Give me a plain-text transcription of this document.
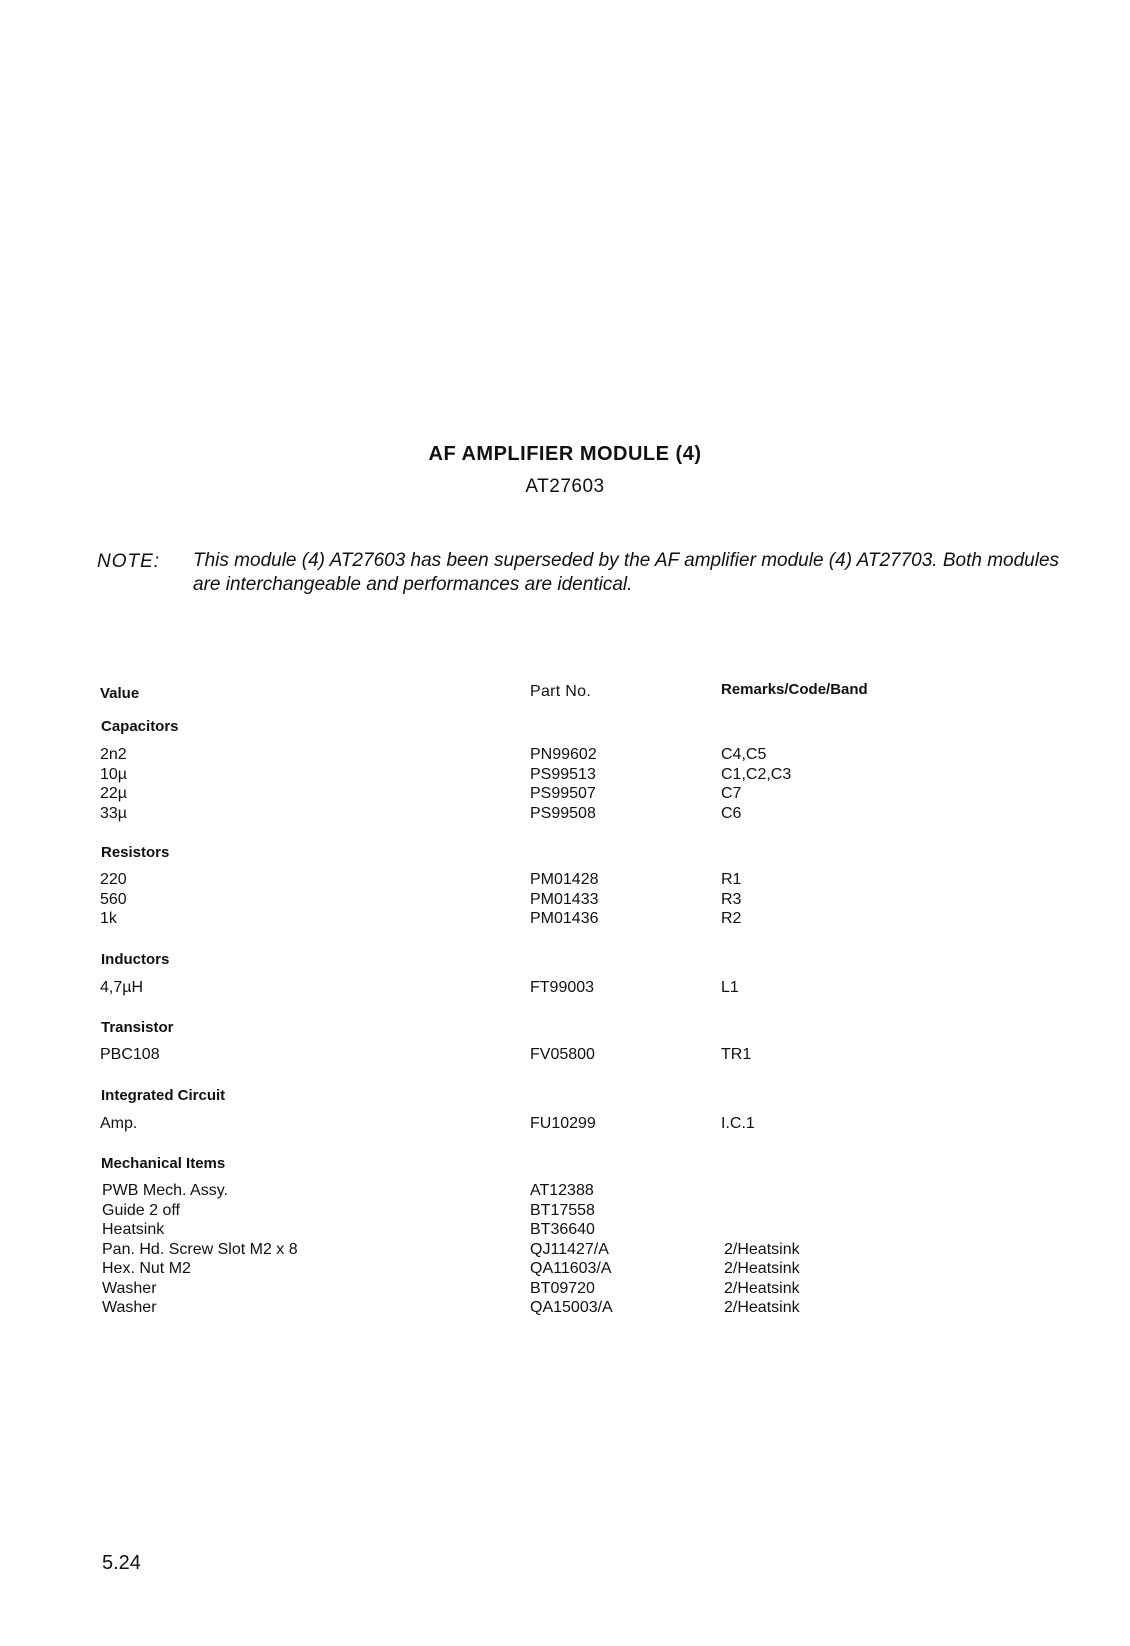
AF AMPLIFIER MODULE (4)
AT27603
NOTE: This module (4) AT27603 has been superseded by the AF amplifier module (4) AT27703. Both modules are interchangeable and performances are identical.
Value	Part No.	Remarks/Code/Band
Capacitors
2n2	PN99602	C4,C5
10µ	PS99513	C1,C2,C3
22µ	PS99507	C7
33µ	PS99508	C6
Resistors
220	PM01428	R1
560	PM01433	R3
1k	PM01436	R2
Inductors
4,7µH	FT99003	L1
Transistor
PBC108	FV05800	TR1
Integrated Circuit
Amp.	FU10299	I.C.1
Mechanical Items
PWB Mech. Assy.	AT12388
Guide 2 off	BT17558
Heatsink	BT36640
Pan. Hd. Screw Slot M2 x 8	QJ11427/A	2/Heatsink
Hex. Nut M2	QA11603/A	2/Heatsink
Washer	BT09720	2/Heatsink
Washer	QA15003/A	2/Heatsink
5.24
